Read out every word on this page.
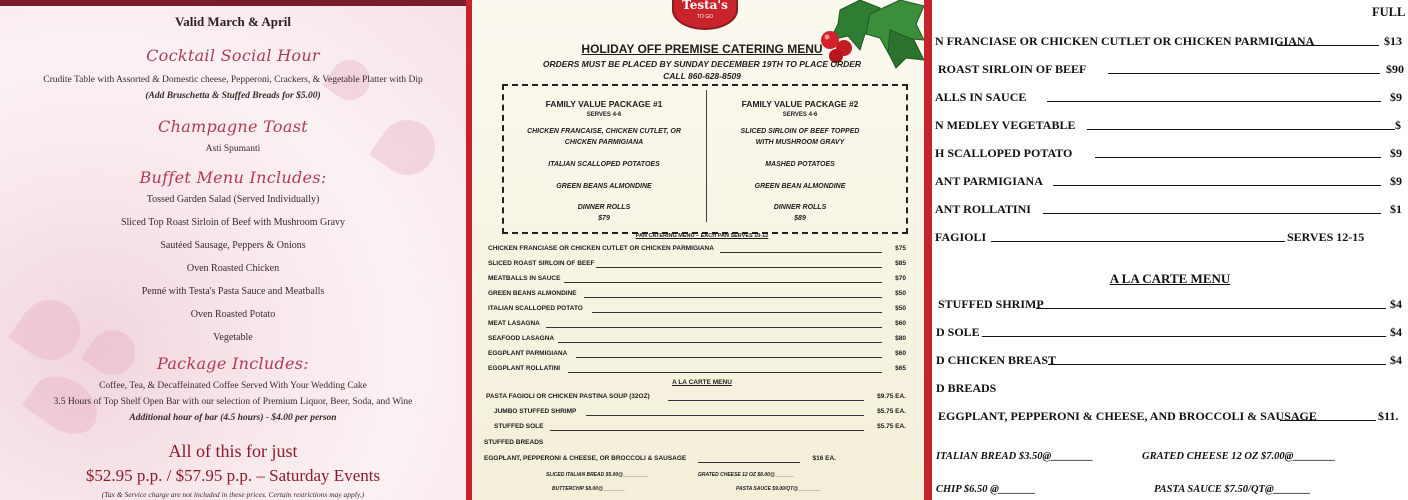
Valid March & April
Cocktail Social Hour
Crudite Table with Assorted & Domestic cheese, Pepperoni, Crackers, & Vegetable Platter with Dip
(Add Bruschetta & Stuffed Breads for $5.00)
Champagne Toast
Asti Spumanti
Buffet Menu Includes:
Tossed Garden Salad (Served Individually)
Sliced Top Roast Sirloin of Beef with Mushroom Gravy
Sautéed Sausage, Peppers & Onions
Oven Roasted Chicken
Penné with Testa's Pasta Sauce and Meatballs
Oven Roasted Potato
Vegetable
Package Includes:
Coffee, Tea, & Decaffeinated Coffee Served With Your Wedding Cake
3.5 Hours of Top Shelf Open Bar with our selection of Premium Liquor, Beer, Soda, and Wine
Additional hour of bar (4.5 hours) - $4.00 per person
All of this for just
$52.95 p.p. / $57.95 p.p. – Saturday Events
(Tax & Service charge are not included in these prices. Certain restrictions may apply.)
Testa's
TO GO
HOLIDAY OFF PREMISE CATERING MENU
ORDERS MUST BE PLACED BY SUNDAY DECEMBER 19TH TO PLACE ORDER
CALL 860-628-8509
FAMILY VALUE PACKAGE #1
SERVES 4-6
CHICKEN FRANCAISE, CHICKEN CUTLET, OR
CHICKEN PARMIGIANA
ITALIAN SCALLOPED POTATOES
GREEN BEANS ALMONDINE
DINNER ROLLS
$79
FAMILY VALUE PACKAGE #2
SERVES 4-6
SLICED SIRLOIN OF BEEF TOPPED
WITH MUSHROOM GRAVY
MASHED POTATOES
GREEN BEAN ALMONDINE
DINNER ROLLS
$89
PAN CATERING MENU – EACH PAN SERVES 10-12
CHICKEN FRANCIASE OR CHICKEN CUTLET OR CHICKEN PARMIGIANA	$75
SLICED ROAST SIRLOIN OF BEEF	$85
MEATBALLS IN SAUCE	$70
GREEN BEANS ALMONDINE	$50
ITALIAN SCALLOPED POTATO	$50
MEAT LASAGNA	$60
SEAFOOD LASAGNA	$80
EGGPLANT PARMIGIANA	$60
EGGPLANT ROLLATINI	$65
A LA CARTE MENU
PASTA FAGIOLI OR CHICKEN PASTINA SOUP (32OZ)	$9.75 EA.
JUMBO STUFFED SHRIMP	$5.75 EA.
STUFFED SOLE	$5.75 EA.
STUFFED BREADS
EGGPLANT, PEPPERONI & CHEESE, OR BROCCOLI & SAUSAGE	$16 EA.
SLICED ITALIAN BREAD $5.00@_________	GRATED CHEESE 12 OZ $8.00@_______
BUTTERCHIP $8.00@________	PASTA SAUCE $9.00/QT@________
FULL
N FRANCIASE OR CHICKEN CUTLET OR CHICKEN PARMIGIANA	$13
ROAST SIRLOIN OF BEEF	$90
ALLS IN SAUCE	$9
N MEDLEY VEGETABLE	$
H SCALLOPED POTATO	$9
ANT PARMIGIANA	$9
ANT ROLLATINI	$1
FAGIOLI	SERVES 12-15
A LA CARTE MENU
STUFFED SHRIMP	$4
D SOLE	$4
D CHICKEN BREAST	$4
D BREADS
EGGPLANT, PEPPERONI & CHEESE, AND BROCCOLI & SAUSAGE	$11.
ITALIAN BREAD $3.50@________	GRATED CHEESE 12 OZ $7.00@________
CHIP $6.50 @_______	PASTA SAUCE $7.50/QT@_______
